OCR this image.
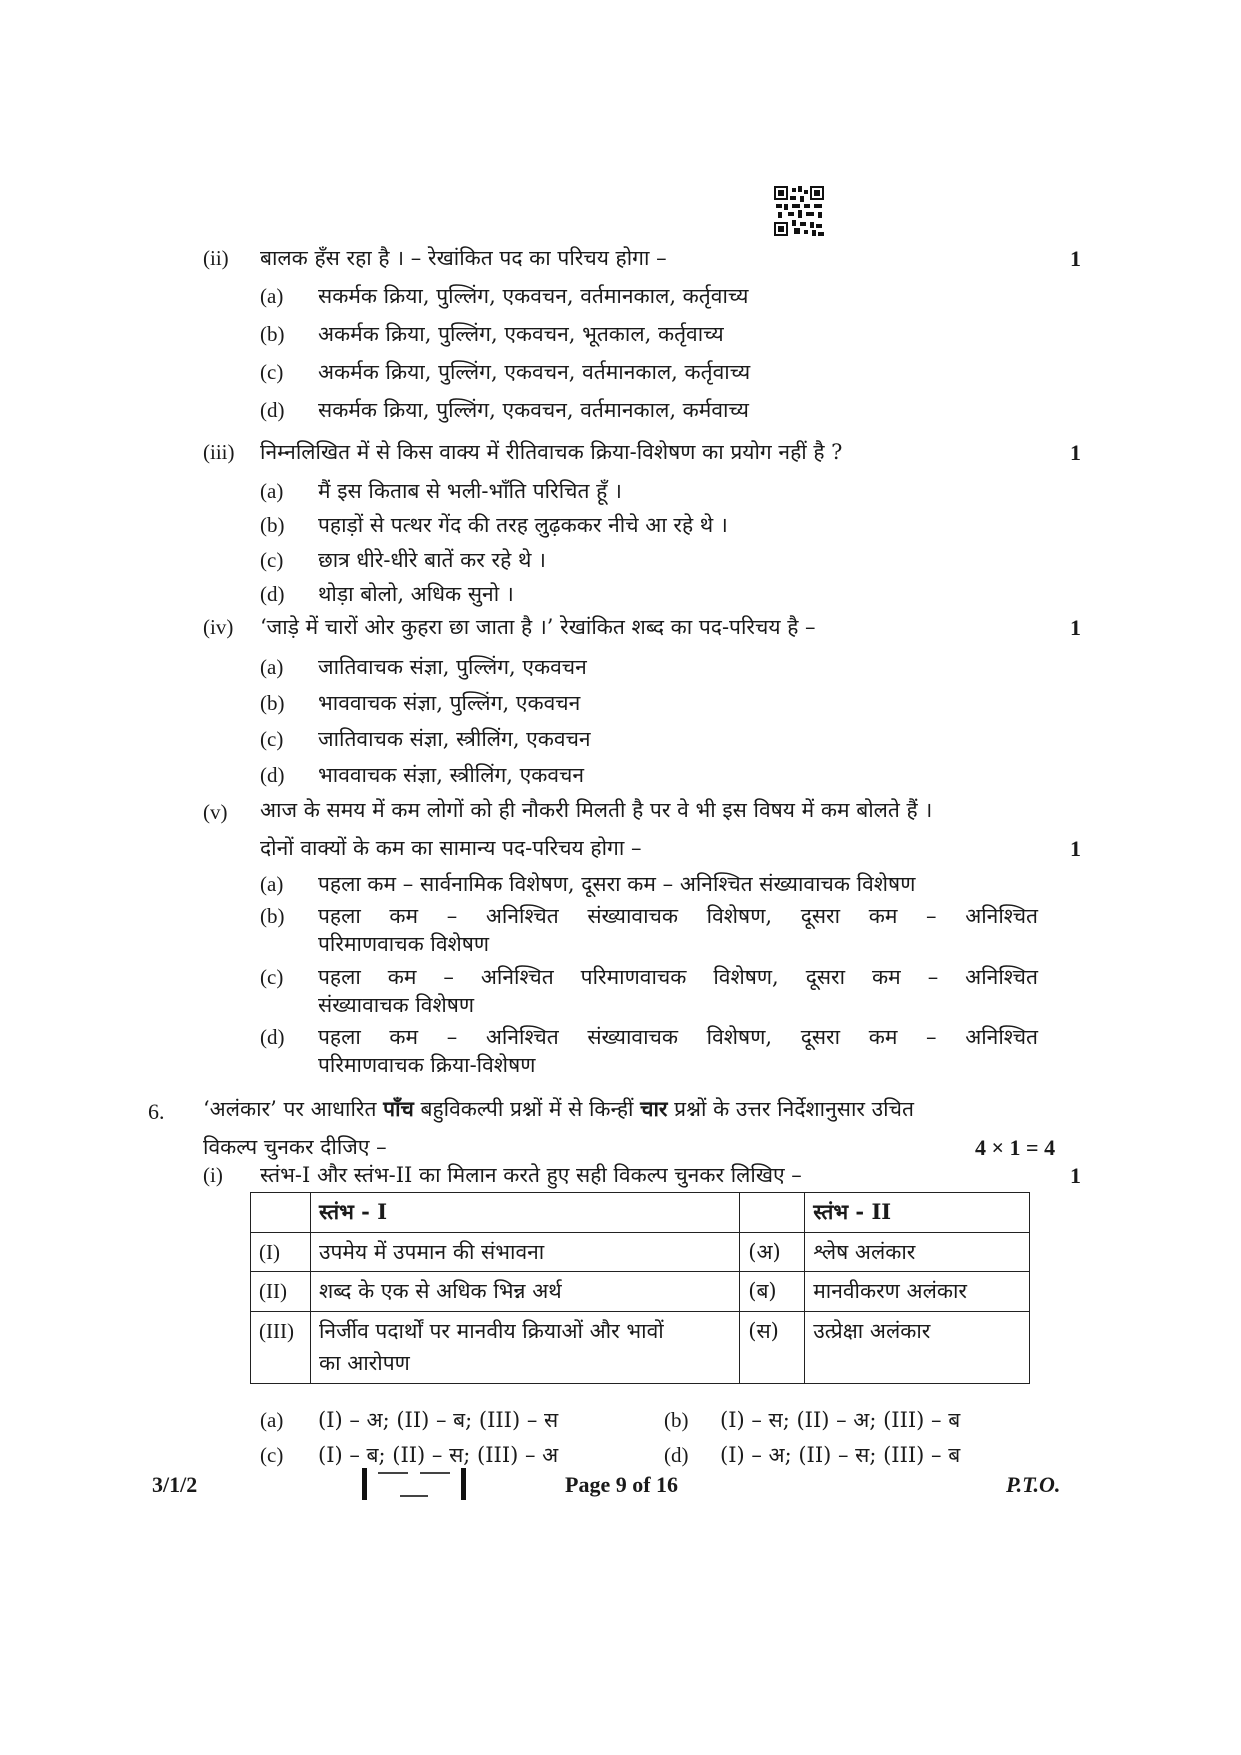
(ii) बालक हँस रहा है । – रेखांकित पद का परिचय होगा –	1
(a) सकर्मक क्रिया, पुल्लिंग, एकवचन, वर्तमानकाल, कर्तृवाच्य
(b) अकर्मक क्रिया, पुल्लिंग, एकवचन, भूतकाल, कर्तृवाच्य
(c) अकर्मक क्रिया, पुल्लिंग, एकवचन, वर्तमानकाल, कर्तृवाच्य
(d) सकर्मक क्रिया, पुल्लिंग, एकवचन, वर्तमानकाल, कर्मवाच्य
(iii) निम्नलिखित में से किस वाक्य में रीतिवाचक क्रिया-विशेषण का प्रयोग नहीं है ?	1
(a) मैं इस किताब से भली-भाँति परिचित हूँ ।
(b) पहाड़ों से पत्थर गेंद की तरह लुढ़ककर नीचे आ रहे थे ।
(c) छात्र धीरे-धीरे बातें कर रहे थे ।
(d) थोड़ा बोलो, अधिक सुनो ।
(iv) ‘जाड़े में चारों ओर कुहरा छा जाता है ।’ रेखांकित शब्द का पद-परिचय है –	1
(a) जातिवाचक संज्ञा, पुल्लिंग, एकवचन
(b) भाववाचक संज्ञा, पुल्लिंग, एकवचन
(c) जातिवाचक संज्ञा, स्त्रीलिंग, एकवचन
(d) भाववाचक संज्ञा, स्त्रीलिंग, एकवचन
(v) आज के समय में कम लोगों को ही नौकरी मिलती है पर वे भी इस विषय में कम बोलते हैं ।
दोनों वाक्यों के कम का सामान्य पद-परिचय होगा –	1
(a) पहला कम – सार्वनामिक विशेषण, दूसरा कम – अनिश्चित संख्यावाचक विशेषण
(b) पहला कम – अनिश्चित संख्यावाचक विशेषण, दूसरा कम – अनिश्चित
परिमाणवाचक विशेषण
(c) पहला कम – अनिश्चित परिमाणवाचक विशेषण, दूसरा कम – अनिश्चित
संख्यावाचक विशेषण
(d) पहला कम – अनिश्चित संख्यावाचक विशेषण, दूसरा कम – अनिश्चित
परिमाणवाचक क्रिया-विशेषण
6. ‘अलंकार’ पर आधारित पाँच बहुविकल्पी प्रश्नों में से किन्हीं चार प्रश्नों के उत्तर निर्देशानुसार उचित
विकल्प चुनकर दीजिए –	4 × 1 = 4
(i) स्तंभ-I और स्तंभ-II का मिलान करते हुए सही विकल्प चुनकर लिखिए –	1
	स्तंभ - I		स्तंभ - II
(I)	उपमेय में उपमान की संभावना	(अ)	श्लेष अलंकार
(II)	शब्द के एक से अधिक भिन्न अर्थ	(ब)	मानवीकरण अलंकार
(III)	निर्जीव पदार्थों पर मानवीय क्रियाओं और भावों
का आरोपण	(स)	उत्प्रेक्षा अलंकार
(a) (I) – अ; (II) – ब; (III) – स	(b) (I) – स; (II) – अ; (III) – ब
(c) (I) – ब; (II) – स; (III) – अ	(d) (I) – अ; (II) – स; (III) – ब
3/1/2	Page 9 of 16	P.T.O.
